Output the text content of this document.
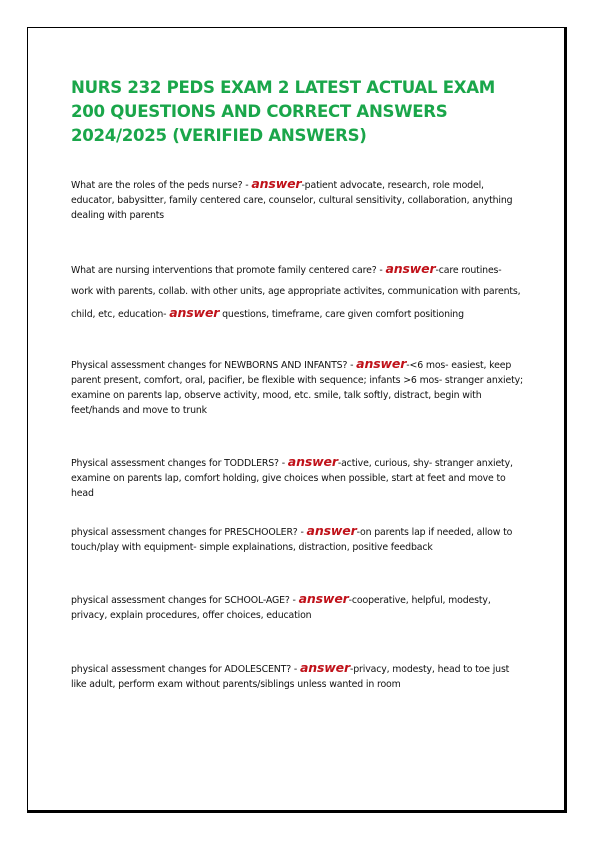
NURS 232 PEDS EXAM 2 LATEST ACTUAL EXAM 200 QUESTIONS AND CORRECT ANSWERS 2024/2025 (VERIFIED ANSWERS)
What are the roles of the peds nurse? - answer-patient advocate, research, role model, educator, babysitter, family centered care, counselor, cultural sensitivity, collaboration, anything dealing with parents
What are nursing interventions that promote family centered care? - answer-care routines- work with parents, collab. with other units, age appropriate activites, communication with parents, child, etc, education- answer questions, timeframe, care given comfort positioning
Physical assessment changes for NEWBORNS AND INFANTS? - answer-<6 mos- easiest, keep parent present, comfort, oral, pacifier, be flexible with sequence; infants >6 mos- stranger anxiety; examine on parents lap, observe activity, mood, etc. smile, talk softly, distract, begin with feet/hands and move to trunk
Physical assessment changes for TODDLERS? - answer-active, curious, shy- stranger anxiety, examine on parents lap, comfort holding, give choices when possible, start at feet and move to head
physical assessment changes for PRESCHOOLER? - answer-on parents lap if needed, allow to touch/play with equipment- simple explainations, distraction, positive feedback
physical assessment changes for SCHOOL-AGE? - answer-cooperative, helpful, modesty, privacy, explain procedures, offer choices, education
physical assessment changes for ADOLESCENT? - answer-privacy, modesty, head to toe just like adult, perform exam without parents/siblings unless wanted in room
